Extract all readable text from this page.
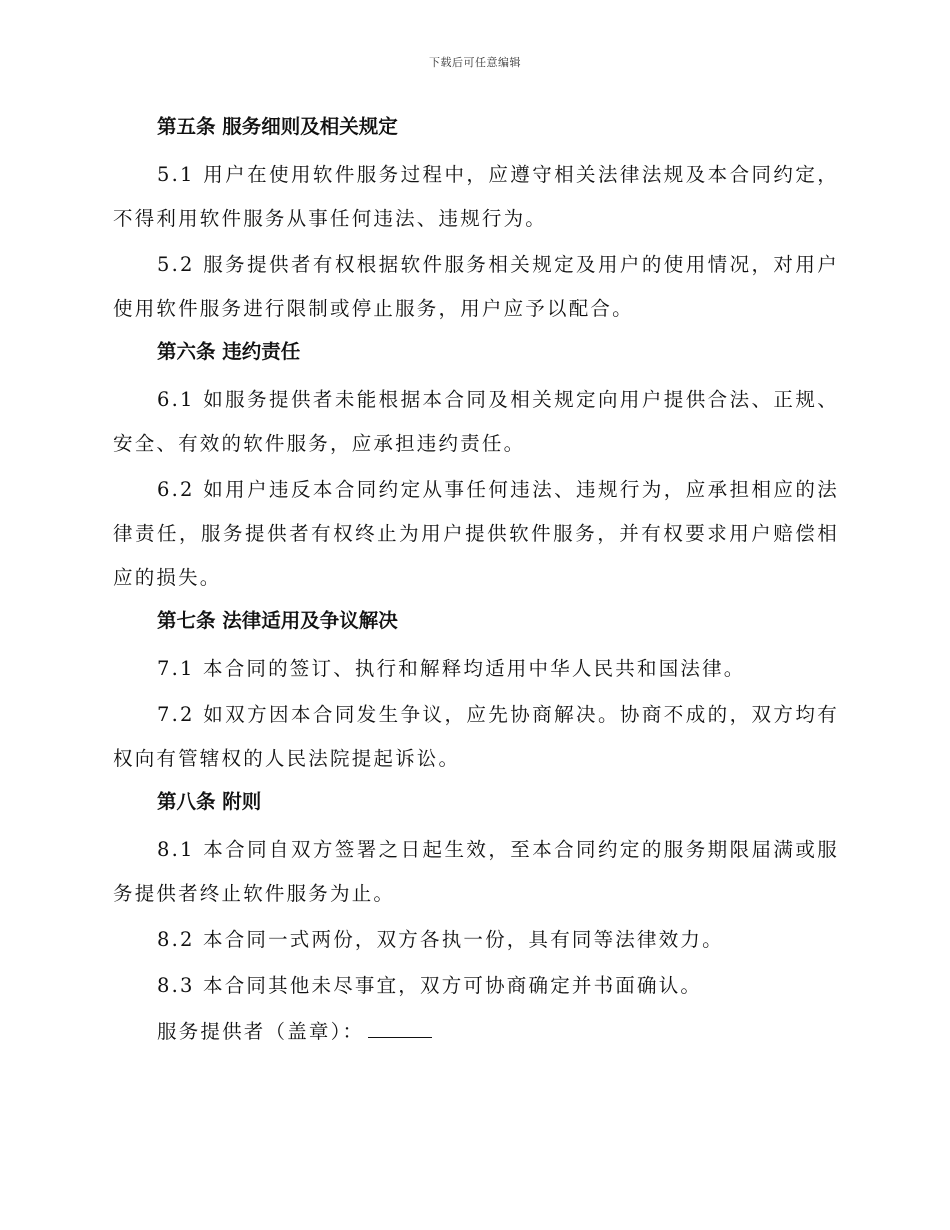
下载后可任意编辑
第五条 服务细则及相关规定

5.1 用户在使用软件服务过程中，应遵守相关法律法规及本合同约定，不得利用软件服务从事任何违法、违规行为。

5.2 服务提供者有权根据软件服务相关规定及用户的使用情况，对用户使用软件服务进行限制或停止服务，用户应予以配合。

第六条 违约责任

6.1 如服务提供者未能根据本合同及相关规定向用户提供合法、正规、安全、有效的软件服务，应承担违约责任。

6.2 如用户违反本合同约定从事任何违法、违规行为，应承担相应的法律责任，服务提供者有权终止为用户提供软件服务，并有权要求用户赔偿相应的损失。

第七条 法律适用及争议解决

7.1 本合同的签订、执行和解释均适用中华人民共和国法律。

7.2 如双方因本合同发生争议，应先协商解决。协商不成的，双方均有权向有管辖权的人民法院提起诉讼。

第八条 附则

8.1 本合同自双方签署之日起生效，至本合同约定的服务期限届满或服务提供者终止软件服务为止。

8.2 本合同一式两份，双方各执一份，具有同等法律效力。

8.3 本合同其他未尽事宜，双方可协商确定并书面确认。

服务提供者（盖章）：
